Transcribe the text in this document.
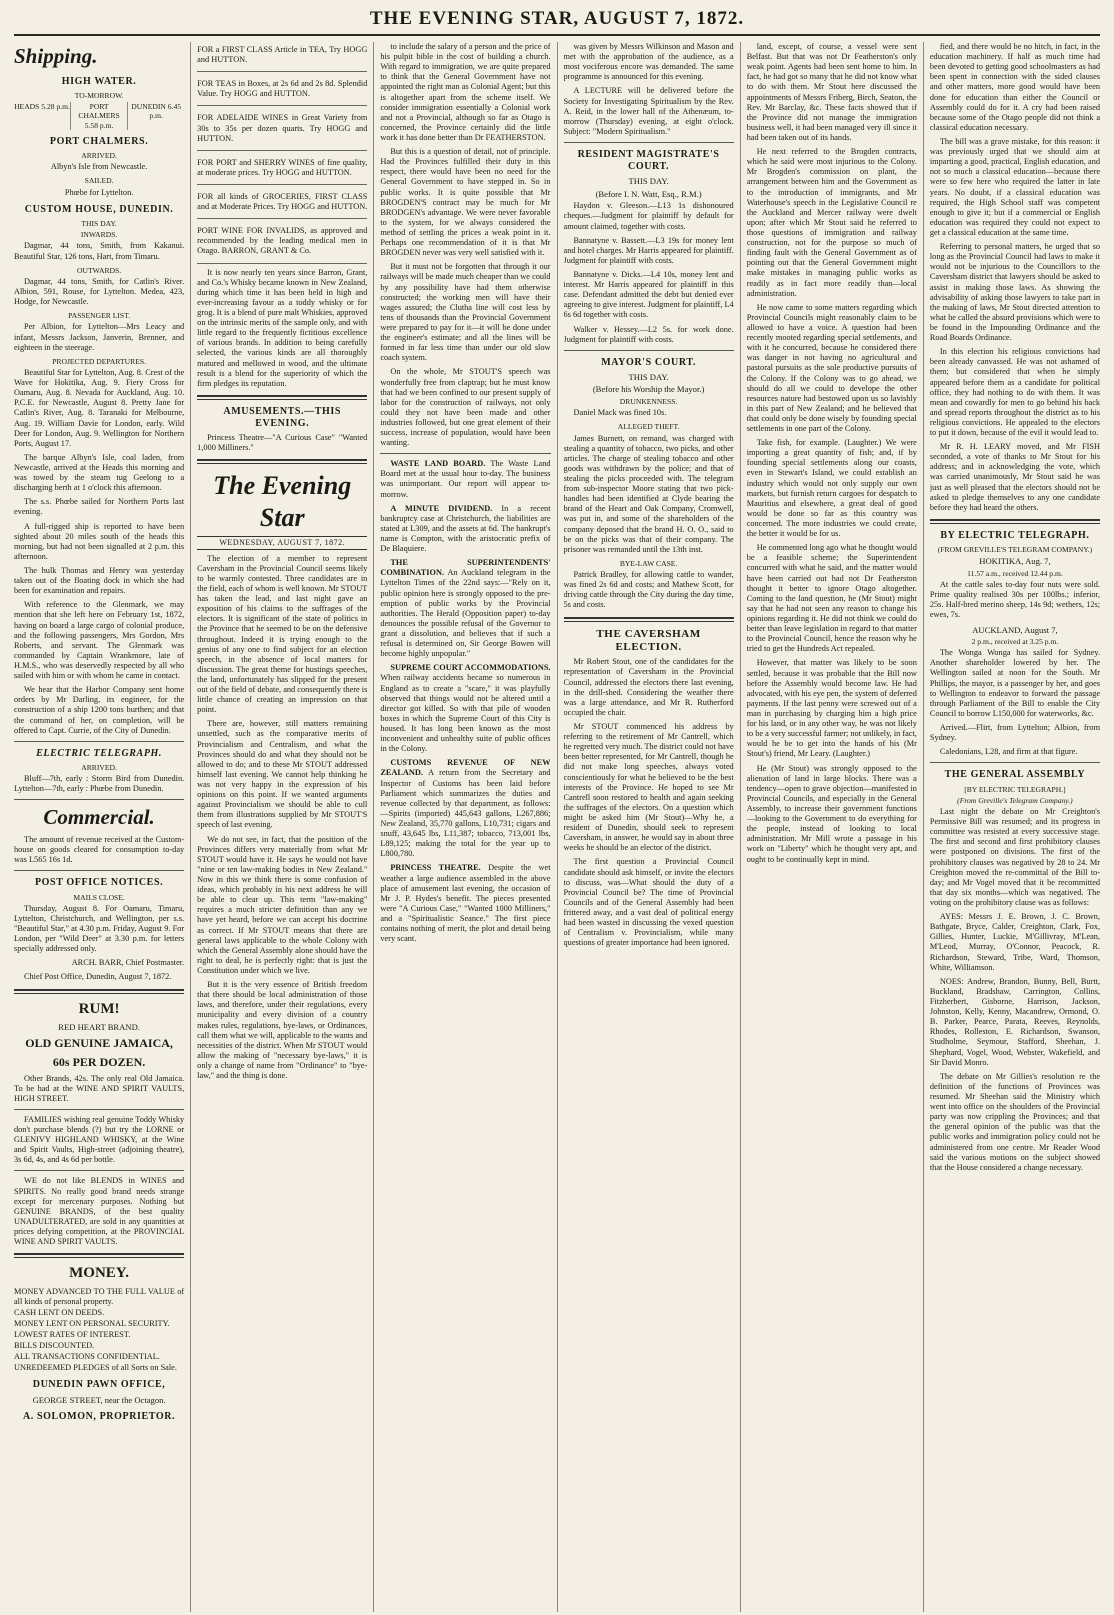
THE EVENING STAR, AUGUST 7, 1872.
Shipping.
HIGH WATER.
TO-MORROW.
HEADS 5.28 p.m.	PORT CHALMERS 5.58 p.m.
DUNEDIN 6.45 p.m.
PORT CHALMERS.
ARRIVED.

Albyn's Isle from Newcastle.

SAILED.

Phœbe for Lyttelton.

CUSTOM HOUSE, DUNEDIN.
THIS DAY.
INWARDS.

Dagmar, 44 tons, Smith, from Kakanui. Beautiful Star, 126 tons, Hart, from Timaru.

OUTWARDS.

Dagmar, 44 tons, Smith, for Catlin's River. Albion, 591, Rouse, for Lyttelton. Medea, 423, Hodge, for Newcastle.

PASSENGER LIST.

Per Albion, for Lyttelton—Mrs Leacy and infant, Messrs Jackson, Janverin, Brenner, and eighteen in the steerage.

PROJECTED DEPARTURES.

Beautiful Star for Lyttelton, Aug. 8. Crest of the Wave for Hokitika, Aug. 9. Fiery Cross for Oamaru, Aug. 8. Nevada for Auckland, Aug. 10. P.C.E. for Newcastle, August 8. Pretty Jane for Catlin's River, Aug. 8. Taranaki for Melbourne, Aug. 19. William Davie for London, early. Wild Deer for London, Aug. 9. Wellington for Northern Ports, August 17.

The barque Albyn's Isle, coal laden, from Newcastle, arrived at the Heads this morning and was towed by the steam tug Geelong to a discharging berth at 1 o'clock this afternoon.

The s.s. Phœbe sailed for Northern Ports last evening.

A full-rigged ship is reported to have been sighted about 20 miles south of the heads this morning, but had not been signalled at 2 p.m. this afternoon.

The hulk Thomas and Henry was yesterday taken out of the floating dock in which she had been for examination and repairs.

With reference to the Glenmark, we may mention that she left here on February 1st, 1872, having on board a large cargo of colonial produce, and the following passengers, Mrs Gordon, Mrs Roberts, and servant. The Glenmark was commanded by Captain Wrankmore, late of H.M.S., who was deservedly respected by all who sailed with him or with whom he came in contact.

We hear that the Harbor Company sent home orders by Mr Darling, its engineer, for the construction of a ship 1200 tons burthen; and that the command of her, on completion, will be offered to Capt. Currie, of the City of Dunedin.

ELECTRIC TELEGRAPH.
ARRIVED.

Bluff—7th, early : Storm Bird from Dunedin. Lyttelton—7th, early : Phœbe from Dunedin.

Commercial.

The amount of revenue received at the Custom-house on goods cleared for consumption to-day was L565 16s 1d.

POST OFFICE NOTICES.
MAILS CLOSE.

Thursday, August 8. For Oamaru, Timaru, Lyttelton, Christchurch, and Wellington, per s.s. "Beautiful Star," at 4.30 p.m. Friday, August 9. For London, per "Wild Deer" at 3.30 p.m. for letters specially addressed only.

ARCH. BARR, Chief Postmaster.

Chief Post Office, Dunedin, August 7, 1872.

RUM!
RED HEART BRAND.
OLD GENUINE JAMAICA,
60s PER DOZEN.

Other Brands, 42s. The only real Old Jamaica. To be had at the WINE AND SPIRIT VAULTS, HIGH STREET.

FAMILIES wishing real genuine Toddy Whisky don't purchase blends (?) but try the LORNE or GLENIVY HIGHLAND WHISKY, at the Wine and Spirit Vaults, High-street (adjoining theatre), 3s 6d, 4s, and 4s 6d per bottle.

WE do not like BLENDS in WINES and SPIRITS. No really good brand needs strange except for mercenary purposes. Nothing but GENUINE BRANDS, of the best quality UNADULTERATED, are sold in any quantities at prices defying competition, at the PROVINCIAL WINE AND SPIRIT VAULTS.

MONEY.

MONEY ADVANCED TO THE FULL VALUE of all kinds of personal property.

CASH LENT ON DEEDS.

MONEY LENT ON PERSONAL SECURITY.

LOWEST RATES OF INTEREST.

BILLS DISCOUNTED.

ALL TRANSACTIONS CONFIDENTIAL.

UNREDEEMED PLEDGES of all Sorts on Sale.

DUNEDIN PAWN OFFICE,
GEORGE STREET, near the Octagon.
A. SOLOMON, PROPRIETOR.

FOR a FIRST CLASS Article in TEA, Try HOGG and HUTTON.

FOR TEAS in Boxes, at 2s 6d and 2s 8d. Splendid Value. Try HOGG and HUTTON.

FOR ADELAIDE WINES in Great Variety from 30s to 35s per dozen quarts. Try HOGG and HUTTON.

FOR PORT and SHERRY WINES of fine quality, at moderate prices. Try HOGG and HUTTON.

FOR all kinds of GROCERIES, FIRST CLASS and at Moderate Prices. Try HOGG and HUTTON.

PORT WINE FOR INVALIDS, as approved and recommended by the leading medical men in Otago. BARRON, GRANT & Co.

It is now nearly ten years since Barron, Grant, and Co.'s Whisky became known in New Zealand, during which time it has been held in high and ever-increasing favour as a toddy whisky or for grog. It is a blend of pure malt Whiskies, approved on the intrinsic merits of the sample only, and with little regard to the frequently fictitious excellence of various brands. In addition to being carefully selected, the various kinds are all thoroughly matured and mellowed in wood, and the ultimate result is a blend for the superiority of which the firm pledges its reputation.

AMUSEMENTS.—THIS EVENING.

Princess Theatre—"A Curious Case" "Wanted 1,000 Milliners."

The Evening Star
WEDNESDAY, AUGUST 7, 1872.

The election of a member to represent Caversham in the Provincial Council seems likely to be warmly contested. Three candidates are in the field, each of whom is well known. Mr STOUT has taken the lead, and last night gave an exposition of his claims to the suffrages of the electors. It is significant of the state of politics in the Province that he seemed to be on the defensive throughout. Indeed it is trying enough to the genius of any one to find subject for an election speech, in the absence of local matters for discussion. The great theme for hustings speeches, the land, unfortunately has slipped for the present out of the field of debate, and consequently there is little chance of creating an impression on that point.

There are, however, still matters remaining unsettled, such as the comparative merits of Provincialism and Centralism, and what the Provinces should do and what they should not be allowed to do; and to these Mr STOUT addressed himself last evening. We cannot help thinking he was not very happy in the expression of his opinions on this point. If we wanted arguments against Provincialism we should be able to cull them from illustrations supplied by Mr STOUT'S speech of last evening.

We do not see, in fact, that the position of the Provinces differs very materially from what Mr STOUT would have it. He says he would not have "nine or ten law-making bodies in New Zealand." Now in this we think there is some confusion of ideas, which probably in his next address he will be able to clear up. This term "law-making" requires a much stricter definition than any we have yet heard, before we can accept his doctrine as correct. If Mr STOUT means that there are general laws applicable to the whole Colony with which the General Assembly alone should have the right to deal, he is perfectly right: that is just the Constitution under which we live.

But it is the very essence of British freedom that there should be local administration of those laws, and therefore, under their regulations, every municipality and every division of a country makes rules, regulations, bye-laws, or Ordinances, call them what we will, applicable to the wants and necessities of the district. When Mr STOUT would allow the making of "necessary bye-laws," it is only a change of name from "Ordinance" to "bye-law," and the thing is done.

to include the salary of a person and the price of his pulpit bible in the cost of building a church. With regard to immigration, we are quite prepared to think that the General Government have not appointed the right man as Colonial Agent; but this is altogether apart from the scheme itself. We consider immigration essentially a Colonial work and not a Provincial, although so far as Otago is concerned, the Province certainly did the little work it has done better than Dr FEATHERSTON.

But this is a question of detail, not of principle. Had the Provinces fulfilled their duty in this respect, there would have been no need for the General Government to have stepped in. So in public works. It is quite possible that Mr BROGDEN'S contract may be much for Mr BRODGEN's advantage. We were never favorable to the system, for we always considered the method of settling the prices a weak point in it. Perhaps one recommendation of it is that Mr BROGDEN never was very well satisfied with it.

But it must not be forgotten that through it our railways will be made much cheaper than we could by any possibility have had them otherwise constructed; the working men will have their wages assured; the Clutha line will cost less by tens of thousands than the Provincial Government were prepared to pay for it—it will be done under the engineer's estimate; and all the lines will be formed in far less time than under our old slow coach system.

On the whole, Mr STOUT'S speech was wonderfully free from claptrap; but he must know that had we been confined to our present supply of labor for the construction of railways, not only could they not have been made and other industries followed, but one great element of their success, increase of population, would have been wanting.

WASTE LAND BOARD. The Waste Land Board met at the usual hour to-day. The business was unimportant. Our report will appear to-morrow.

A MINUTE DIVIDEND. In a recent bankruptcy case at Christchurch, the liabilities are stated at L309, and the assets at 6d. The bankrupt's name is Compton, with the aristocratic prefix of De Blaquiere.

THE SUPERINTENDENTS' COMBINATION. An Auckland telegram in the Lyttelton Times of the 22nd says:—"Rely on it, public opinion here is strongly opposed to the pre-emption of public works by the Provincial authorities. The Herald (Opposition paper) to-day denounces the possible refusal of the Governor to grant a dissolution, and believes that if such a refusal is determined on, Sir George Bowen will become highly unpopular."

SUPREME COURT ACCOMMODATIONS. When railway accidents became so numerous in England as to create a "scare," it was playfully observed that things would not be altered until a director got killed. So with that pile of wooden boxes in which the Supreme Court of this City is housed. It has long been known as the most inconvenient and unhealthy suite of public offices in the Colony.

CUSTOMS REVENUE OF NEW ZEALAND. A return from the Secretary and Inspector of Customs has been laid before Parliament which summarizes the duties and revenue collected by that department, as follows:—Spirits (imported) 445,643 gallons, L267,886; New Zealand, 35,770 gallons, L10,731; cigars and snuff, 43,645 lbs, L11,387; tobacco, 713,001 lbs, L89,125; making the total for the year up to L800,780.

PRINCESS THEATRE. Despite the wet weather a large audience assembled in the above place of amusement last evening, the occasion of Mr J. P. Hydes's benefit. The pieces presented were "A Curious Case," "Wanted 1000 Milliners," and a "Spiritualistic Seance." The first piece contains nothing of merit, the plot and detail being very scant.

was given by Messrs Wilkinson and Mason and met with the approbation of the audience, as a most vociferous encore was demanded. The same programme is announced for this evening.

A LECTURE will be delivered before the Society for Investigating Spiritualism by the Rev. A. Reid, in the lower hall of the Athenæum, to-morrow (Thursday) evening, at eight o'clock. Subject: "Modern Spiritualism."

RESIDENT MAGISTRATE'S COURT.
THIS DAY.
(Before I. N. Watt, Esq., R.M.)

Haydon v. Gleeson.—L13 1s dishonoured cheques.—Judgment for plaintiff by default for amount claimed, together with costs.

Bannatyne v. Bassett.—L3 19s for money lent and hotel charges. Mr Harris appeared for plaintiff. Judgment for plaintiff with costs.

Bannatyne v. Dicks.—L4 10s, money lent and interest. Mr Harris appeared for plaintiff in this case. Defendant admitted the debt but denied ever agreeing to give interest. Judgment for plaintiff, L4 6s 6d together with costs.

Walker v. Hessey.—L2 5s. for work done. Judgment for plaintiff with costs.

MAYOR'S COURT.
THIS DAY.
(Before his Worship the Mayor.)
DRUNKENNESS.

Daniel Mack was fined 10s.

ALLEGED THEFT.

James Burnett, on remand, was charged with stealing a quantity of tobacco, two picks, and other articles. The charge of stealing tobacco and other goods was withdrawn by the police; and that of stealing the picks proceeded with. The telegram from sub-inspector Moore stating that two pick-handles had been identified at Clyde bearing the brand of the Heart and Oak Company, Cromwell, was put in, and some of the shareholders of the company deposed that the brand H. O. O., said to be on the picks was that of their company. The prisoner was remanded until the 13th inst.

BYE-LAW CASE.

Patrick Bradley, for allowing cattle to wander, was fined 2s 6d and costs; and Mathew Scott, for driving cattle through the City during the day time, 5s and costs.

THE CAVERSHAM ELECTION.

Mr Robert Stout, one of the candidates for the representation of Caversham in the Provincial Council, addressed the electors there last evening, in the drill-shed. Considering the weather there was a large attendance, and Mr R. Rutherford occupied the chair.

Mr STOUT commenced his address by referring to the retirement of Mr Cantrell, which he regretted very much. The district could not have been better represented, for Mr Cantrell, though he did not make long speeches, always voted conscientiously for what he believed to be the best interests of the Province. He hoped to see Mr Cantrell soon restored to health and again seeking the suffrages of the electors. On a question which might be asked him (Mr Stout)—Why he, a resident of Dunedin, should seek to represent Caversham, in answer, he would say in about three weeks he should be an elector of the district.

The first question a Provincial Council candidate should ask himself, or invite the electors to discuss, was—What should the duty of a Provincial Council be? The time of Provincial Councils and of the General Assembly had been frittered away, and a vast deal of political energy had been wasted in discussing the vexed question of Centralism v. Provincialism, while many questions of greater importance had been ignored.

land, except, of course, a vessel were sent Belfast. But that was not Dr Featherston's only weak point. Agents had been sent home to him. In fact, he had got so many that he did not know what to do with them. Mr Stout here discussed the appointments of Messrs Friberg, Birch, Seaton, the Rev. Mr Barclay, &c. These facts showed that if the Province did not manage the immigration business well, it had been managed very ill since it had been taken out of its hands.

He next referred to the Brogden contracts, which he said were most injurious to the Colony. Mr Brogden's commission on plant, the arrangement between him and the Government as to the introduction of immigrants, and Mr Waterhouse's speech in the Legislative Council re the Auckland and Mercer railway were dwelt upon; after which Mr Stout said he referred to those questions of immigration and railway construction, not for the purpose so much of finding fault with the General Government as of pointing out that the General Government might make mistakes in managing public works as readily as in fact more readily than—local administration.

He now came to some matters regarding which Provincial Councils might reasonably claim to be allowed to have a voice. A question had been recently mooted regarding special settlements, and with it he concurred, because he considered there was danger in not having no agricultural and pastoral pursuits as the sole productive pursuits of the Colony. If the Colony was to go ahead, we should do all we could to develope the other resources nature had bestowed upon us so lavishly in this part of New Zealand; and he believed that that could only be done wisely by founding special settlements in one part of the Colony.

Take fish, for example. (Laughter.) We were importing a great quantity of fish; and, if by founding special settlements along our coasts, even in Stewart's Island, we could establish an industry which would not only supply our own markets, but furnish return cargoes for despatch to Mauritius and elsewhere, a great deal of good would be done so far as this country was concerned. The more industries we could create, the better it would be for us.

He commented long ago what he thought would be a feasible scheme; the Superintendent concurred with what he said, and the matter would have been carried out had not Dr Featherston thought it better to ignore Otago altogether. Coming to the land question, he (Mr Stout) might say that he had not seen any reason to change his opinions regarding it. He did not think we could do better than leave legislation in regard to that matter to the Provincial Council, hence the reason why he tried to get the Hundreds Act repealed.

However, that matter was likely to be soon settled, because it was probable that the Bill now before the Assembly would become law. He had advocated, with his eye pen, the system of deferred payments. If the last penny were screwed out of a man in purchasing by charging him a high price for his land, or in any other way, he was not likely to be a very successful farmer; not unlikely, in fact, would he be to get into the hands of his (Mr Stout's) friend, Mr Leary. (Laughter.)

He (Mr Stout) was strongly opposed to the alienation of land in large blocks. There was a tendency—open to grave objection—manifested in Provincial Councils, and especially in the General Assembly, to increase their government functions—looking to the Government to do everything for the people, instead of looking to local administration. Mr Mill wrote a passage in his work on "Liberty" which he thought very apt, and ought to be continually kept in mind.

fied, and there would be no hitch, in fact, in the education machinery. If half as much time had been devoted to getting good schoolmasters as had been spent in connection with the sided clauses and other matters, more good would have been done for education than either the Council or Assembly could do for it. A cry had been raised because some of the Otago people did not think a classical education necessary.

The bill was a grave mistake, for this reason: it was previously urged that we should aim at imparting a good, practical, English education, and not so much a classical education—because there were so few here who required the latter in late years. No doubt, if a classical education was required, the High School staff was competent enough to give it; but if a commercial or English education was required they could not expect to get a classical education at the same time.

Referring to personal matters, he urged that so long as the Provincial Council had laws to make it would not be injurious to the Councillors to the Caversham district that lawyers should be asked to assist in making those laws. As showing the advisability of asking those lawyers to take part in the making of laws, Mr Stout directed attention to what he called the absurd provisions which were to be found in the Impounding Ordinance and the Road Boards Ordinance.

In this election his religious convictions had been already canvassed. He was not ashamed of them; but considered that when he simply appeared before them as a candidate for political office, they had nothing to do with them. It was mean and cowardly for men to go behind his back and spread reports throughout the district as to his religious convictions. He appealed to the electors to put it down, because of the evil it would lead to.

Mr R. H. LEARY moved, and Mr FISH seconded, a vote of thanks to Mr Stout for his address; and in acknowledging the vote, which was carried unanimously, Mr Stout said he was just as well pleased that the electors should not be asked to pledge themselves to any one candidate before they had heard the others.

BY ELECTRIC TELEGRAPH.
(FROM GREVILLE'S TELEGRAM COMPANY.)
HOKITIKA, Aug. 7,
11.57 a.m., received 12.44 p.m.

At the cattle sales to-day four nuts were sold. Prime quality realised 30s per 100lbs.; inferior, 25s. Half-bred merino sheep, 14s 9d; wethers, 12s; ewes, 7s.

AUCKLAND, August 7,
2 p.m., received at 3.25 p.m.

The Wonga Wonga has sailed for Sydney. Another shareholder lowered by her. The Wellington sailed at noon for the South. Mr Phillips, the mayor, is a passenger by her, and goes to Wellington to endeavor to forward the passage through Parliament of the Bill to enable the City Council to borrow L150,000 for waterworks, &c.

Arrived.—Flirt, from Lyttelton; Albion, from Sydney.

Caledonians, L28, and firm at that figure.

THE GENERAL ASSEMBLY
[BY ELECTRIC TELEGRAPH.]
(From Greville's Telegram Company.)

Last night the debate on Mr Creighton's Permissive Bill was resumed; and its progress in committee was resisted at every successive stage. The first and second and first prohibitory clauses were postponed on divisions. The first of the prohibitory clauses was negatived by 28 to 24. Mr Creighton moved the re-committal of the Bill to-day; and Mr Vogel moved that it be recommitted that day six months—which was negatived. The voting on the prohibitory clause was as follows:

AYES: Messrs J. E. Brown, J. C. Brown, Bathgate, Bryce, Calder, Creighton, Clark, Fox, Gillies, Hunter, Luckie, M'Gillivray, M'Lean, M'Leod, Murray, O'Connor, Peacock, R. Richardson, Steward, Tribe, Ward, Thomson, White, Williamson.

NOES: Andrew, Brandon, Bunny, Bell, Burtt, Buckland, Bradshaw, Carrington, Collins, Fitzherbert, Gisborne, Harrison, Jackson, Johnston, Kelly, Kenny, Macandrew, Ormond, O. B. Parker, Pearce, Parata, Reeves, Reynolds, Rhodes, Rolleston, E. Richardson, Swanson, Studholme, Seymour, Stafford, Sheehan, J. Shephard, Vogel, Wood, Webster, Wakefield, and Sir David Monro.

The debate on Mr Gillies's resolution re the definition of the functions of Provinces was resumed. Mr Sheehan said the Ministry which went into office on the shoulders of the Provincial party was now crippling the Provinces; and that the general opinion of the public was that the public works and immigration policy could not be administered from one centre. Mr Reader Wood said the various motions on the subject showed that the House considered a change necessary.
